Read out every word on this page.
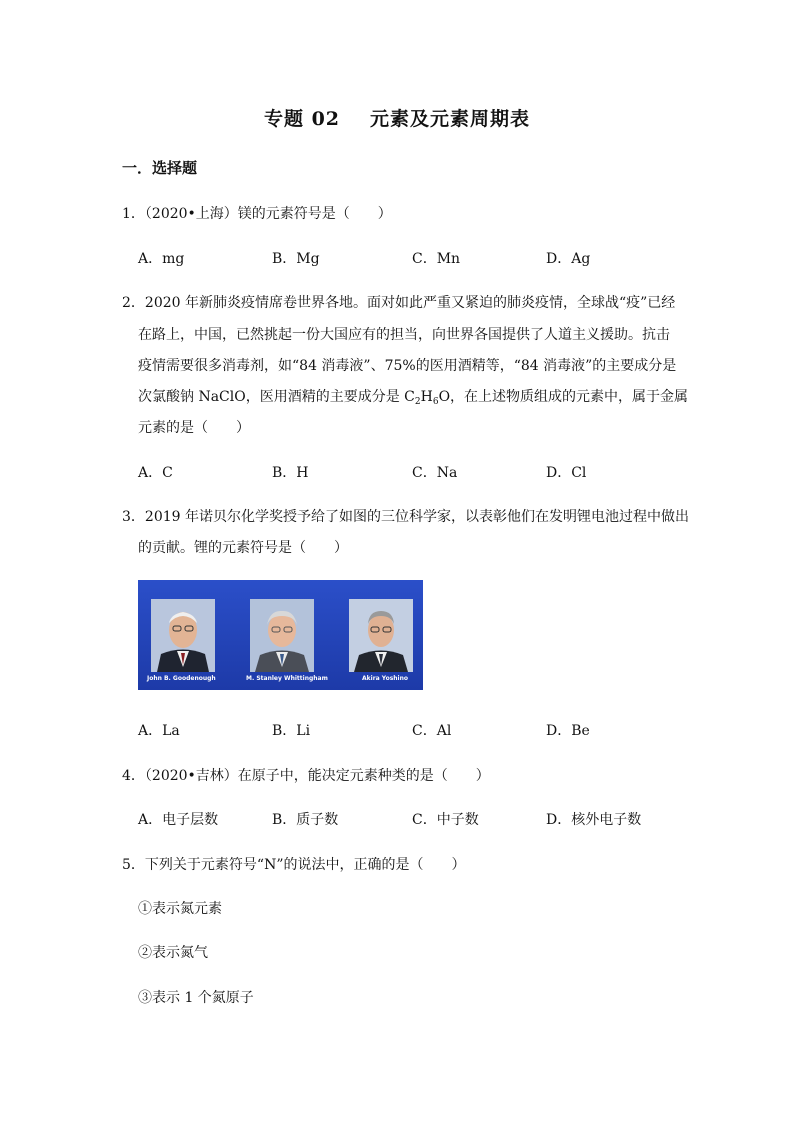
专题 02 元素及元素周期表
一．选择题
1．（2020•上海）镁的元素符号是（　　）
A．mg	B．Mg	C．Mn	D．Ag
2．2020 年新肺炎疫情席卷世界各地。面对如此严重又紧迫的肺炎疫情，全球战“疫”已经
在路上，中国，已然挑起一份大国应有的担当，向世界各国提供了人道主义援助。抗击
疫情需要很多消毒剂，如“84 消毒液”、75%的医用酒精等，“84 消毒液”的主要成分是
次氯酸钠 NaClO，医用酒精的主要成分是 $C_2H_6O$，在上述物质组成的元素中，属于金属
元素的是（　　）
A．C	B．H	C．Na	D．Cl
3．2019 年诺贝尔化学奖授予给了如图的三位科学家，以表彰他们在发明锂电池过程中做出
的贡献。锂的元素符号是（　　）
John B. Goodenough	M. Stanley Whittingham	Akira Yoshino
A．La	B．Li	C．Al	D．Be
4．（2020•吉林）在原子中，能决定元素种类的是（　　）
A．电子层数	B．质子数	C．中子数	D．核外电子数
5．下列关于元素符号“N”的说法中，正确的是（　　）
①表示氮元素
②表示氮气
③表示 1 个氮原子
